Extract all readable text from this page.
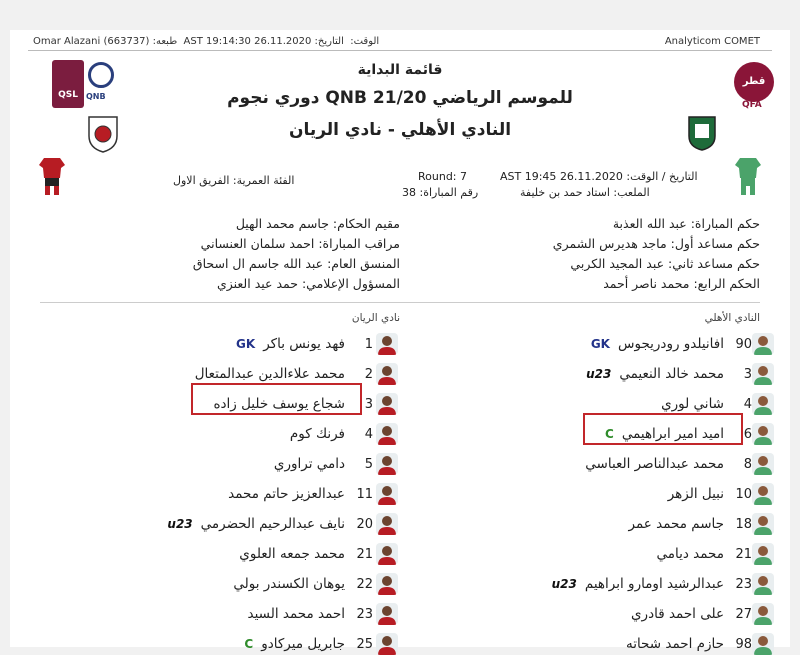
طبعه: Omar Alazani (663737) AST 19:14:30 الوقت:  التاريخ: 26.11.2020	Analyticom COMET
قائمة البداية
دوري نجوم QNB للموسم الرياضي 21/20
النادي الأهلي - نادي الريان
QSL	QNB
قطر
QFA
التاريخ / الوقت: 26.11.2020 AST 19:45
الملعب: استاد حمد بن خليفة
Round: 7
رقم المباراة: 38
الفئة العمرية: الفريق الاول
حكم المباراة: عبد الله العذبة
حكم مساعد أول: ماجد هديرس الشمري
حكم مساعد ثاني: عبد المجيد الكربي
الحكم الرابع: محمد ناصر أحمد
مقيم الحكام: جاسم محمد الهيل
مراقب المباراة: احمد سلمان العنساني
المنسق العام: عبد الله جاسم ال اسحاق
المسؤول الإعلامي: حمد عيد العنزي
النادي الأهلي
نادي الريان
90
افانيلدو رودريجوس
GK
3
محمد خالد النعيمي
u23
4
شاني لوري
6
اميد امير ابراهيمي
C
8
محمد عبدالناصر العباسي
10
نبيل الزهر
18
جاسم محمد عمر
21
محمد ديامي
23
عبدالرشيد اومارو ابراهيم
u23
27
على احمد قادري
98
حازم احمد شحاته
1
فهد يونس باكر
GK
2
محمد علاءالدين عبدالمتعال
3
شجاع يوسف خليل زاده
4
فرنك كوم
5
دامي تراوري
11
عبدالعزيز حاتم محمد
20
نايف عبدالرحيم الحضرمي
u23
21
محمد جمعه العلوي
22
يوهان الكسندر بولي
23
احمد محمد السيد
25
جابريل ميركادو
C
